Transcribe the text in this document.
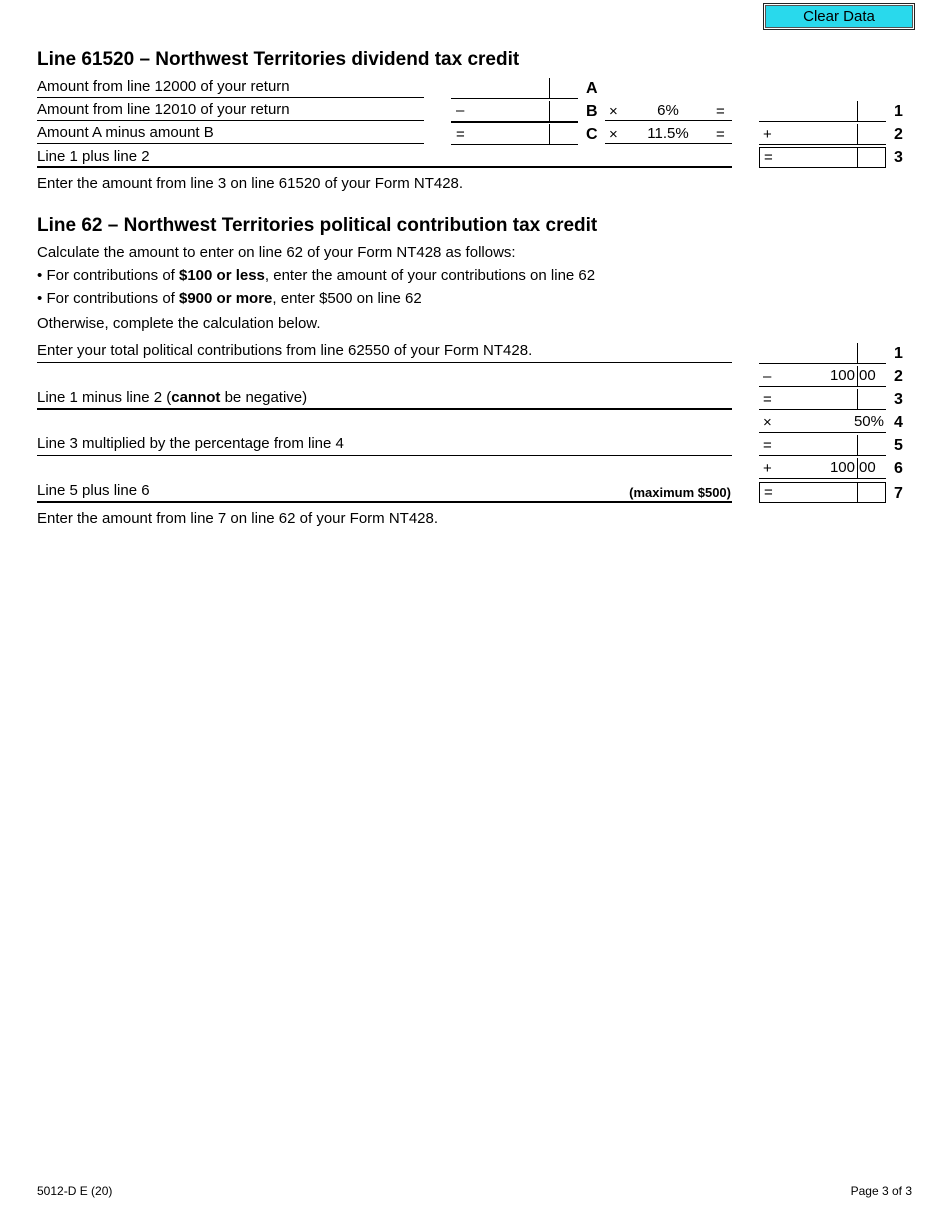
Clear Data
Line 61520 – Northwest Territories dividend tax credit
Amount from line 12000 of your return	A
Amount from line 12010 of your return	–	B ×	6%	=	1
Amount A minus amount B	=	C ×	11.5%	=	+	2
Line 1 plus line 2	=	3
Enter the amount from line 3 on line 61520 of your Form NT428.
Line 62 – Northwest Territories political contribution tax credit
Calculate the amount to enter on line 62 of your Form NT428 as follows:
• For contributions of $100 or less, enter the amount of your contributions on line 62
• For contributions of $900 or more, enter $500 on line 62
Otherwise, complete the calculation below.
Enter your total political contributions from line 62550 of your Form NT428.	1
–	100 00 2
Line 1 minus line 2 (cannot be negative)	=	3
×	50% 4
Line 3 multiplied by the percentage from line 4	=	5
+	100 00 6
Line 5 plus line 6	(maximum $500) =	7
Enter the amount from line 7 on line 62 of your Form NT428.
5012-D E (20)	Page 3 of 3
